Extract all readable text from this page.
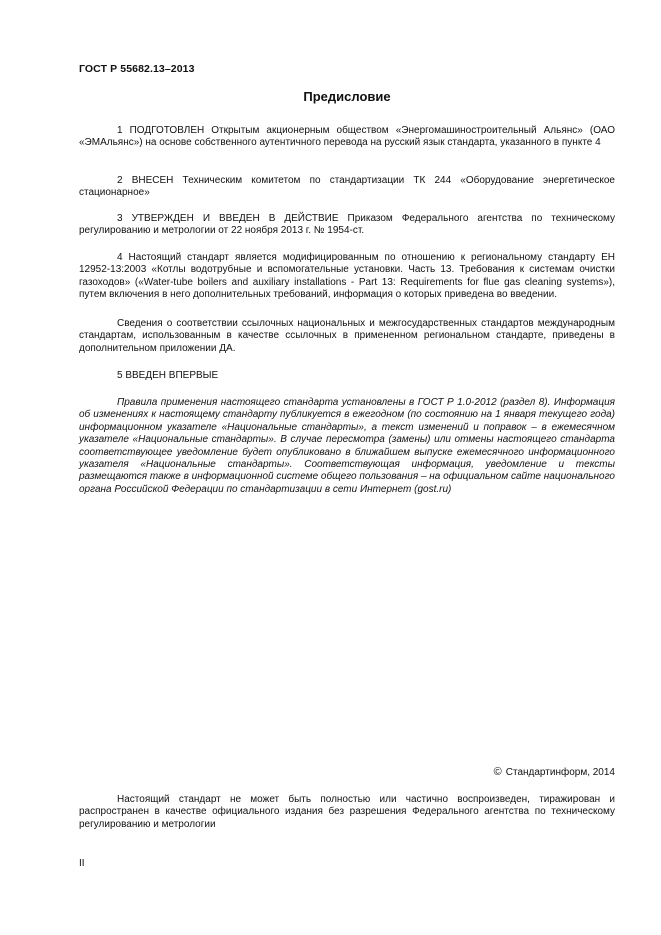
ГОСТ Р 55682.13–2013
Предисловие

1 ПОДГОТОВЛЕН Открытым акционерным обществом «Энергомашиностроительный Альянс» (ОАО «ЭМАльянс») на основе собственного аутентичного перевода на русский язык стандарта, указанного в пункте 4

2 ВНЕСЕН Техническим комитетом по стандартизации ТК 244 «Оборудование энергетическое стационарное»

3 УТВЕРЖДЕН И ВВЕДЕН В ДЕЙСТВИЕ Приказом Федерального агентства по техническому регулированию и метрологии от 22 ноября 2013 г. № 1954-ст.

4 Настоящий стандарт является модифицированным по отношению к региональному стандарту ЕН 12952-13:2003 «Котлы водотрубные и вспомогательные установки. Часть 13. Требования к системам очистки газоходов» («Water-tube boilers and auxiliary installations - Part 13: Requirements for flue gas cleaning systems»), путем включения в него дополнительных требований, информация о которых приведена во введении.

Сведения о соответствии ссылочных национальных и межгосударственных стандартов международным стандартам, использованным в качестве ссылочных в примененном региональном стандарте, приведены в дополнительном приложении ДА.

5 ВВЕДЕН ВПЕРВЫЕ

Правила применения настоящего стандарта установлены в ГОСТ Р 1.0-2012 (раздел 8). Информация об изменениях к настоящему стандарту публикуется в ежегодном (по состоянию на 1 января текущего года) информационном указателе «Национальные стандарты», а текст изменений и поправок – в ежемесячном указателе «Национальные стандарты». В случае пересмотра (замены) или отмены настоящего стандарта соответствующее уведомление будет опубликовано в ближайшем выпуске ежемесячного информационного указателя «Национальные стандарты». Соответствующая информация, уведомление и тексты размещаются также в информационной системе общего пользования – на официальном сайте национального органа Российской Федерации по стандартизации в сети Интернет (gost.ru)

© Стандартинформ, 2014

Настоящий стандарт не может быть полностью или частично воспроизведен, тиражирован и распространен в качестве официального издания без разрешения Федерального агентства по техническому регулированию и метрологии

II
